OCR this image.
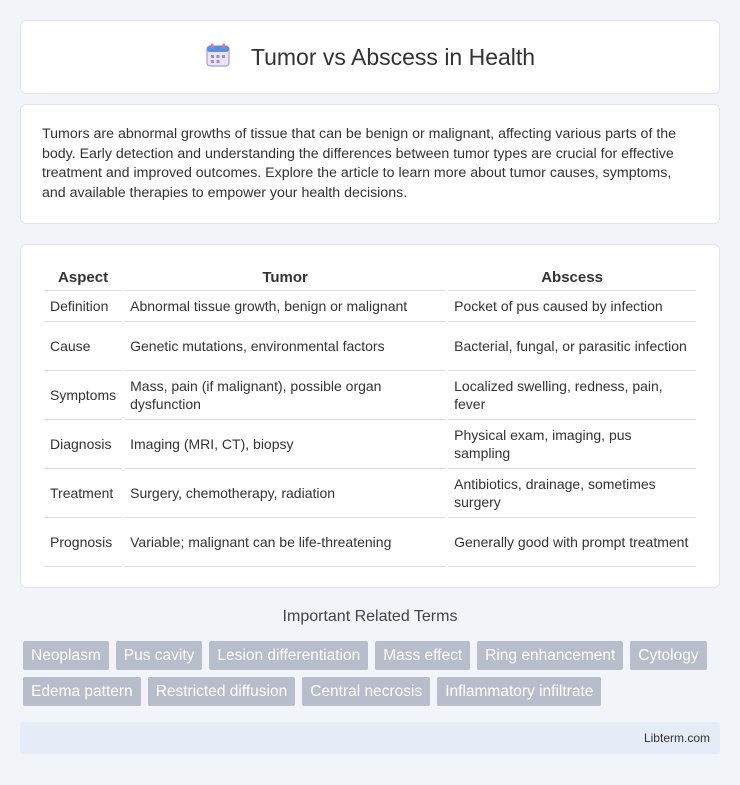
Tumor vs Abscess in Health

Tumors are abnormal growths of tissue that can be benign or malignant, affecting various parts of the body. Early detection and understanding the differences between tumor types are crucial for effective treatment and improved outcomes. Explore the article to learn more about tumor causes, symptoms, and available therapies to empower your health decisions.

Aspect	Tumor	Abscess
Definition	Abnormal tissue growth, benign or malignant	Pocket of pus caused by infection
Cause	Genetic mutations, environmental factors	Bacterial, fungal, or parasitic infection
Symptoms	Mass, pain (if malignant), possible organ dysfunction	Localized swelling, redness, pain, fever
Diagnosis	Imaging (MRI, CT), biopsy	Physical exam, imaging, pus sampling
Treatment	Surgery, chemotherapy, radiation	Antibiotics, drainage, sometimes surgery
Prognosis	Variable; malignant can be life-threatening	Generally good with prompt treatment
Important Related Terms
Neoplasm	Pus cavity	Lesion differentiation	Mass effect	Ring enhancement	Cytology
Edema pattern	Restricted diffusion	Central necrosis	Inflammatory infiltrate
Libterm.com
